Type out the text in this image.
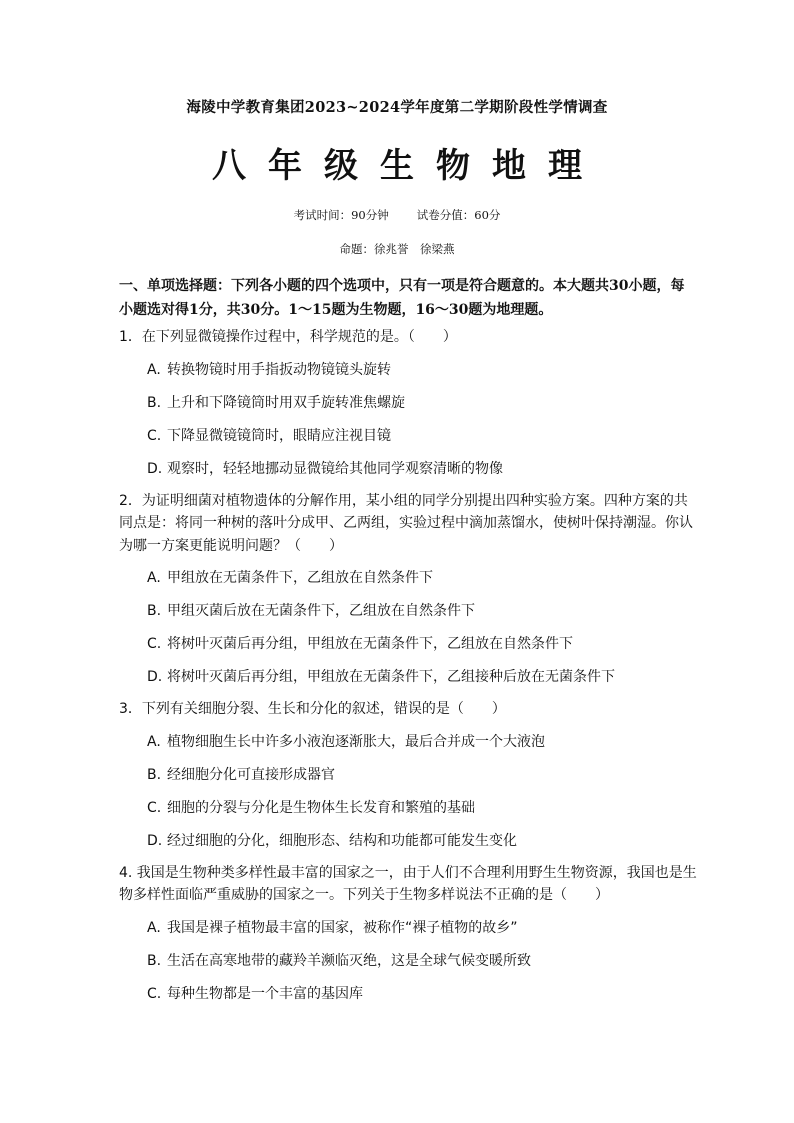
海陵中学教育集团2023~2024学年度第二学期阶段性学情调查
八年级生物地理
考试时间：90分钟 试卷分值：60分
命题：徐兆誉　徐梁燕
一、单项选择题：下列各小题的四个选项中，只有一项是符合题意的。本大题共30小题，每小题选对得1分，共30分。1～15题为生物题，16～30题为地理题。
1．在下列显微镜操作过程中，科学规范的是。（　　）
A. 转换物镜时用手指扳动物镜镜头旋转
B. 上升和下降镜筒时用双手旋转准焦螺旋
C. 下降显微镜镜筒时，眼睛应注视目镜
D. 观察时，轻轻地挪动显微镜给其他同学观察清晰的物像
2．为证明细菌对植物遗体的分解作用，某小组的同学分别提出四种实验方案。四种方案的共同点是：将同一种树的落叶分成甲、乙两组，实验过程中滴加蒸馏水，使树叶保持潮湿。你认为哪一方案更能说明问题？（　　）
A. 甲组放在无菌条件下，乙组放在自然条件下
B. 甲组灭菌后放在无菌条件下，乙组放在自然条件下
C. 将树叶灭菌后再分组，甲组放在无菌条件下，乙组放在自然条件下
D. 将树叶灭菌后再分组，甲组放在无菌条件下，乙组接种后放在无菌条件下
3．下列有关细胞分裂、生长和分化的叙述，错误的是（　　）
A. 植物细胞生长中许多小液泡逐渐胀大，最后合并成一个大液泡
B. 经细胞分化可直接形成器官
C. 细胞的分裂与分化是生物体生长发育和繁殖的基础
D. 经过细胞的分化，细胞形态、结构和功能都可能发生变化
4. 我国是生物种类多样性最丰富的国家之一，由于人们不合理利用野生生物资源，我国也是生物多样性面临严重威胁的国家之一。下列关于生物多样说法不正确的是（　　）
A. 我国是裸子植物最丰富的国家，被称作“裸子植物的故乡”
B. 生活在高寒地带的藏羚羊濒临灭绝，这是全球气候变暖所致
C. 每种生物都是一个丰富的基因库
